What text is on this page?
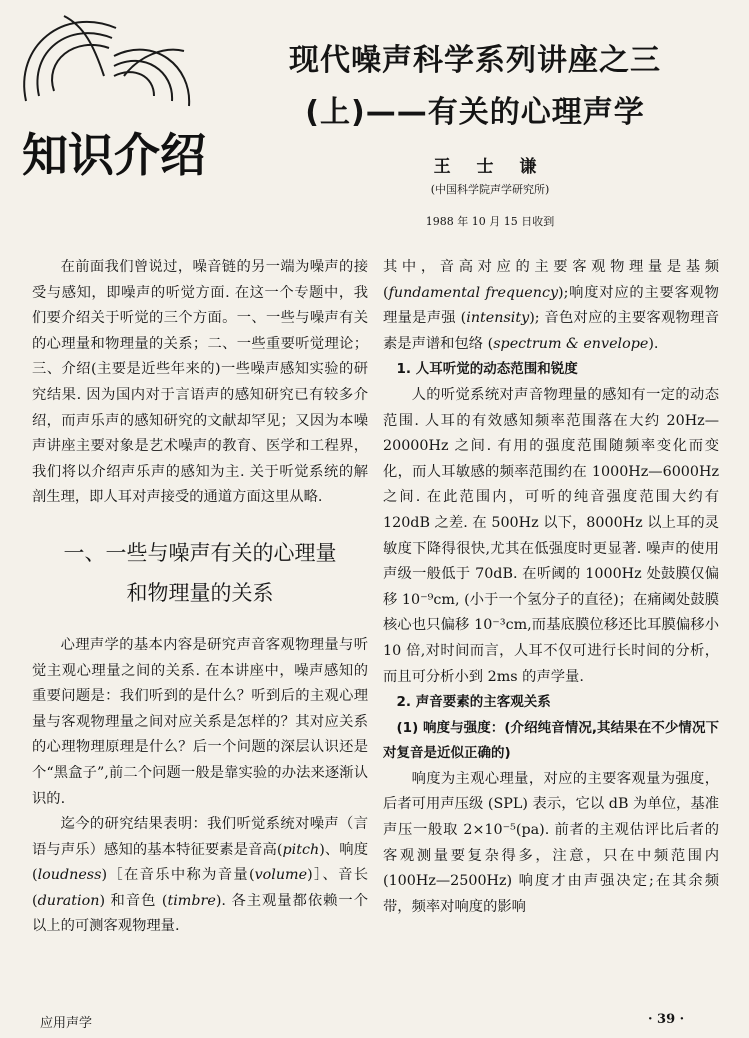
知识介绍
现代噪声科学系列讲座之三
(上)——有关的心理声学
王 士 谦
(中国科学院声学研究所)
1988 年 10 月 15 日收到

在前面我们曾说过，噪音链的另一端为噪声的接受与感知，即噪声的听觉方面. 在这一个专题中，我们要介绍关于听觉的三个方面。一、一些与噪声有关的心理量和物理量的关系；二、一些重要听觉理论；三、介绍(主要是近些年来的)一些噪声感知实验的研究结果. 因为国内对于言语声的感知研究已有较多介绍，而声乐声的感知研究的文献却罕见；又因为本噪声讲座主要对象是艺术噪声的教育、医学和工程界，我们将以介绍声乐声的感知为主. 关于听觉系统的解剖生理，即人耳对声接受的通道方面这里从略.

一、一些与噪声有关的心理量
和物理量的关系

心理声学的基本内容是研究声音客观物理量与听觉主观心理量之间的关系. 在本讲座中，噪声感知的重要问题是：我们听到的是什么？听到后的主观心理量与客观物理量之间对应关系是怎样的？其对应关系的心理物理原理是什么？后一个问题的深层认识还是个“黑盒子”,前二个问题一般是靠实验的办法来逐渐认识的.

迄今的研究结果表明：我们听觉系统对噪声（言语与声乐）感知的基本特征要素是音高(pitch)、响度(loudness)［在音乐中称为音量(volume)］、音长(duration) 和音色 (timbre). 各主观量都依赖一个以上的可测客观物理量.

其中，音高对应的主要客观物理量是基频 (fundamental frequency);响度对应的主要客观物理量是声强 (intensity); 音色对应的主要客观物理音素是声谱和包络 (spectrum & envelope).

1. 人耳听觉的动态范围和锐度

人的听觉系统对声音物理量的感知有一定的动态范围. 人耳的有效感知频率范围落在大约 20Hz—20000Hz 之间. 有用的强度范围随频率变化而变化，而人耳敏感的频率范围约在 1000Hz—6000Hz 之间. 在此范围内，可听的纯音强度范围大约有 120dB 之差. 在 500Hz 以下，8000Hz 以上耳的灵敏度下降得很快,尤其在低强度时更显著. 噪声的使用声级一般低于 70dB. 在听阈的 1000Hz 处鼓膜仅偏移 10⁻⁹cm, (小于一个氢分子的直径)；在痛阈处鼓膜核心也只偏移 10⁻³cm,而基底膜位移还比耳膜偏移小 10 倍,对时间而言，人耳不仅可进行长时间的分析，而且可分析小到 2ms 的声学量.

2. 声音要素的主客观关系

(1) 响度与强度：(介绍纯音情况,其结果在不少情况下对复音是近似正确的)

响度为主观心理量，对应的主要客观量为强度，后者可用声压级 (SPL) 表示，它以 dB 为单位，基准声压一般取 2×10⁻⁵(pa). 前者的主观估评比后者的客观测量要复杂得多，注意，只在中频范围内 (100Hz—2500Hz) 响度才由声强决定;在其余频带，频率对响度的影响

应用声学	· 39 ·
